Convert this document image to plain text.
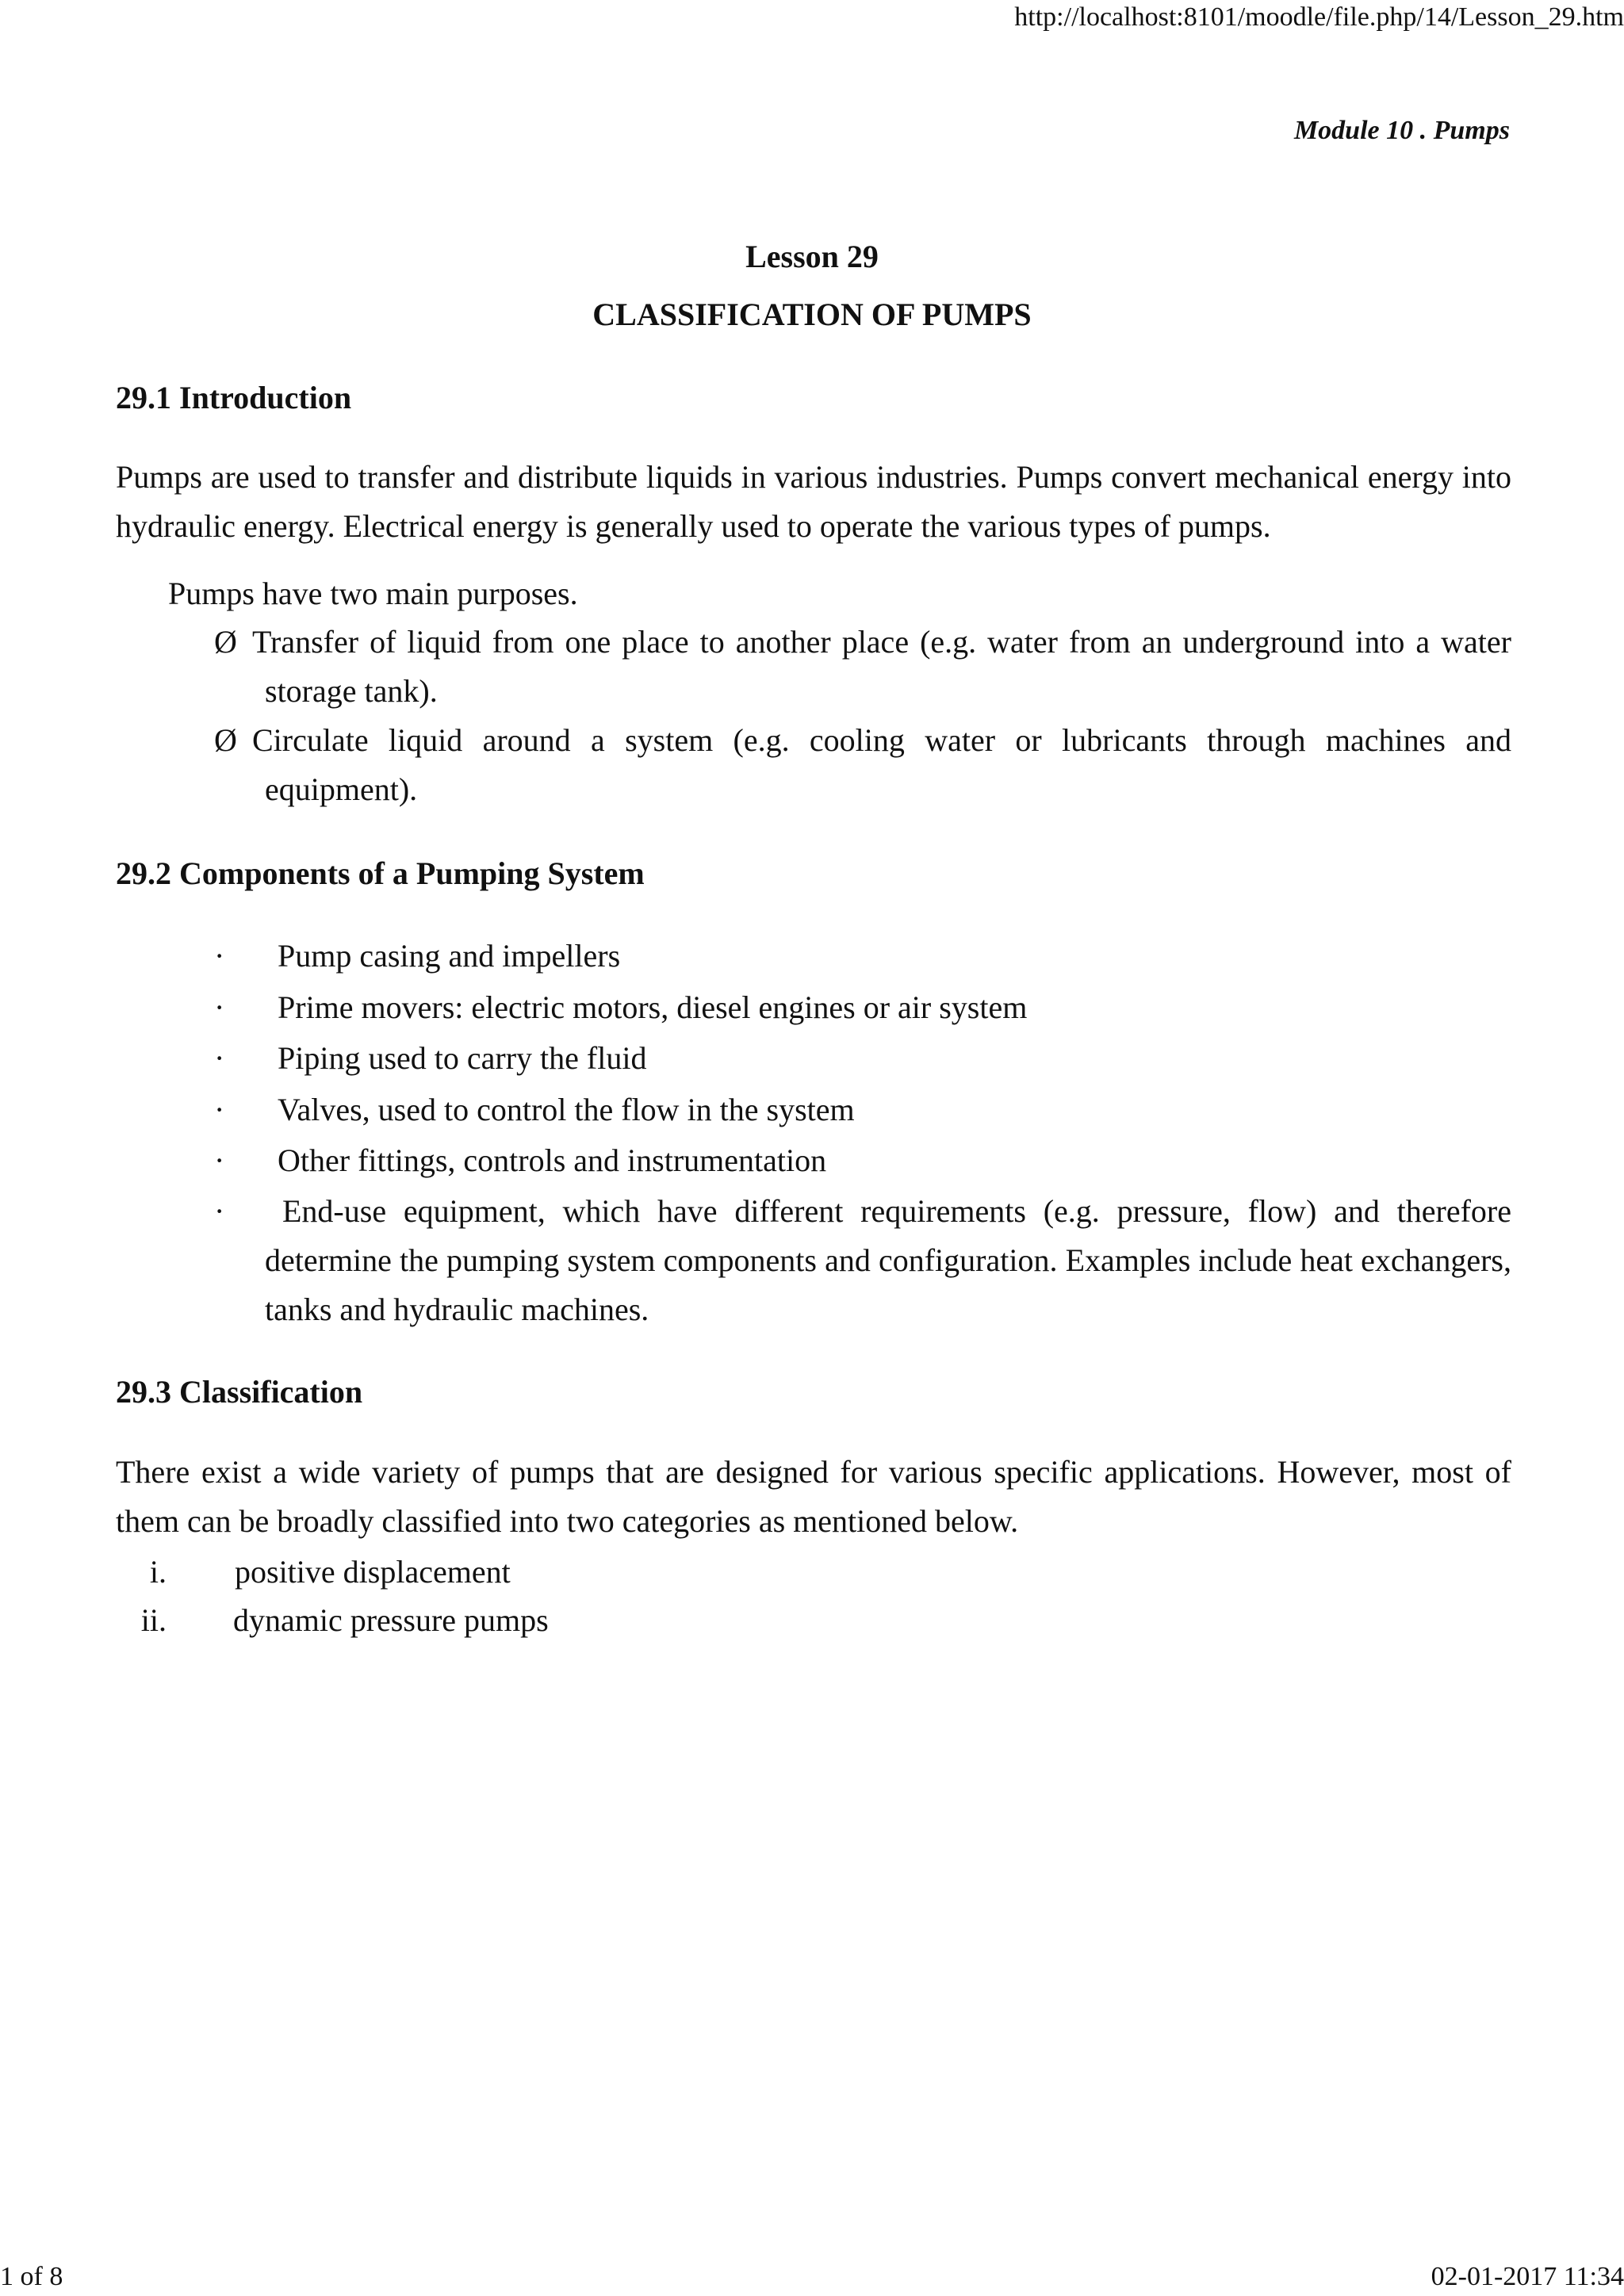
http://localhost:8101/moodle/file.php/14/Lesson_29.htm
Module 10 . Pumps
Lesson 29
CLASSIFICATION OF PUMPS
29.1 Introduction

Pumps are used to transfer and distribute liquids in various industries. Pumps convert mechanical energy into hydraulic energy. Electrical energy is generally used to operate the various types of pumps.

Pumps have two main purposes.
Ø Transfer of liquid from one place to another place (e.g. water from an underground into a water storage tank).
Ø Circulate liquid around a system (e.g. cooling water or lubricants through machines and equipment).
29.2 Components of a Pumping System
·	Pump casing and impellers
·	Prime movers: electric motors, diesel engines or air system
·	Piping used to carry the fluid
·	Valves, used to control the flow in the system
·	Other fittings, controls and instrumentation
·	End-use equipment, which have different requirements (e.g. pressure, flow) and therefore determine the pumping system components and configuration. Examples include heat exchangers, tanks and hydraulic machines.
29.3 Classification

There exist a wide variety of pumps that are designed for various specific applications. However, most of them can be broadly classified into two categories as mentioned below.

i. positive displacement
ii. dynamic pressure pumps
1 of 8	02-01-2017 11:34
